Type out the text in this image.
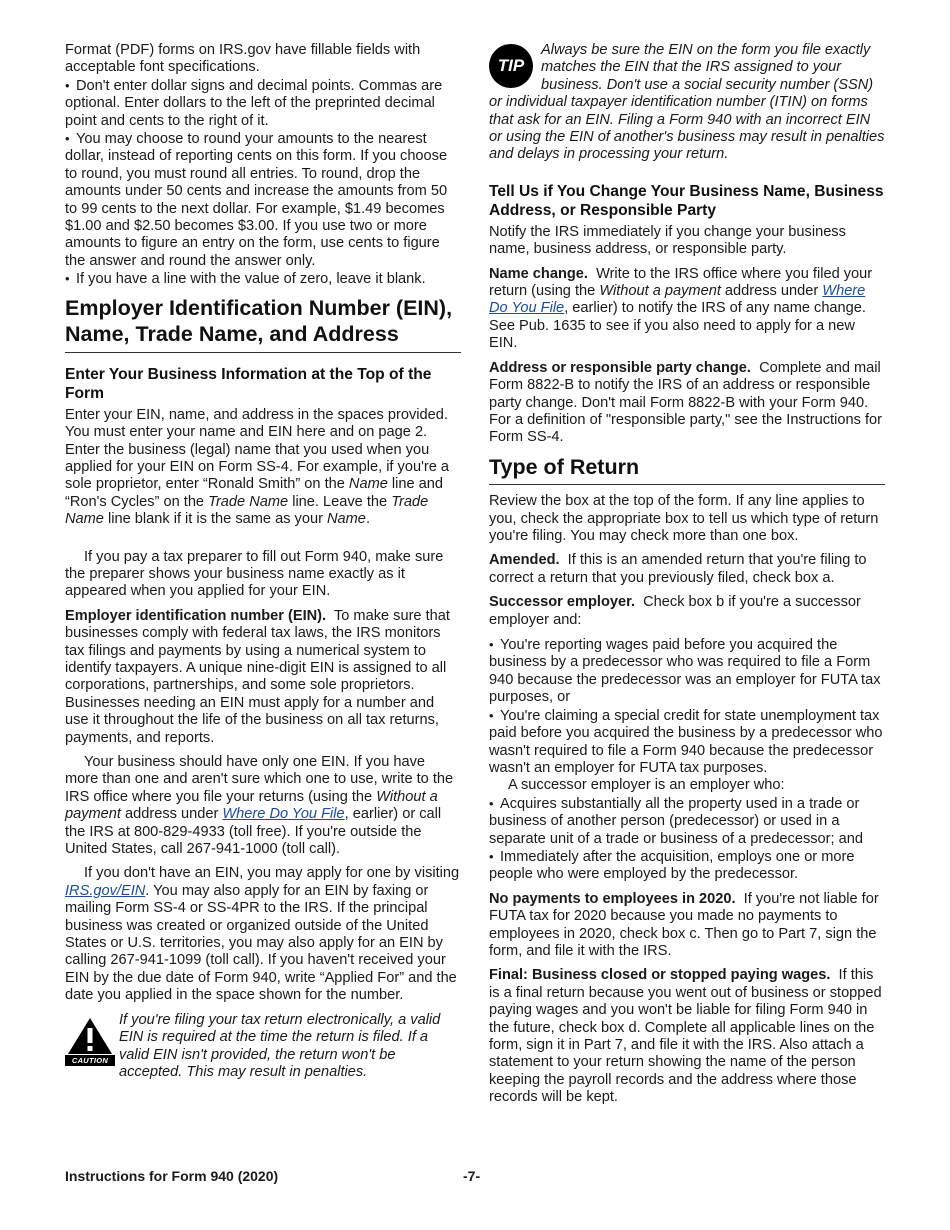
Format (PDF) forms on IRS.gov have fillable fields with acceptable font specifications.

• Don't enter dollar signs and decimal points. Commas are optional. Enter dollars to the left of the preprinted decimal point and cents to the right of it.

• You may choose to round your amounts to the nearest dollar, instead of reporting cents on this form. If you choose to round, you must round all entries. To round, drop the amounts under 50 cents and increase the amounts from 50 to 99 cents to the next dollar. For example, $1.49 becomes $1.00 and $2.50 becomes $3.00. If you use two or more amounts to figure an entry on the form, use cents to figure the answer and round the answer only.

• If you have a line with the value of zero, leave it blank.

Employer Identification Number (EIN), Name, Trade Name, and Address
Enter Your Business Information at the Top of the Form

Enter your EIN, name, and address in the spaces provided. You must enter your name and EIN here and on page 2. Enter the business (legal) name that you used when you applied for your EIN on Form SS-4. For example, if you're a sole proprietor, enter “Ronald Smith” on the Name line and “Ron's Cycles” on the Trade Name line. Leave the Trade Name line blank if it is the same as your Name.

If you pay a tax preparer to fill out Form 940, make sure the preparer shows your business name exactly as it appeared when you applied for your EIN.

Employer identification number (EIN). To make sure that businesses comply with federal tax laws, the IRS monitors tax filings and payments by using a numerical system to identify taxpayers. A unique nine-digit EIN is assigned to all corporations, partnerships, and some sole proprietors. Businesses needing an EIN must apply for a number and use it throughout the life of the business on all tax returns, payments, and reports.

Your business should have only one EIN. If you have more than one and aren't sure which one to use, write to the IRS office where you file your returns (using the Without a payment address under Where Do You File, earlier) or call the IRS at 800-829-4933 (toll free). If you're outside the United States, call 267-941-1000 (toll call).

If you don't have an EIN, you may apply for one by visiting IRS.gov/EIN. You may also apply for an EIN by faxing or mailing Form SS-4 or SS-4PR to the IRS. If the principal business was created or organized outside of the United States or U.S. territories, you may also apply for an EIN by calling 267-941-1099 (toll call). If you haven't received your EIN by the due date of Form 940, write “Applied For” and the date you applied in the space shown for the number.

CAUTION
If you're filing your tax return electronically, a valid EIN is required at the time the return is filed. If a valid EIN isn't provided, the return won't be accepted. This may result in penalties.
TIP
Always be sure the EIN on the form you file exactly matches the EIN that the IRS assigned to your business. Don't use a social security number (SSN) or individual taxpayer identification number (ITIN) on forms that ask for an EIN. Filing a Form 940 with an incorrect EIN or using the EIN of another's business may result in penalties and delays in processing your return.
Tell Us if You Change Your Business Name, Business Address, or Responsible Party

Notify the IRS immediately if you change your business name, business address, or responsible party.

Name change. Write to the IRS office where you filed your return (using the Without a payment address under Where Do You File, earlier) to notify the IRS of any name change. See Pub. 1635 to see if you also need to apply for a new EIN.

Address or responsible party change. Complete and mail Form 8822-B to notify the IRS of an address or responsible party change. Don't mail Form 8822-B with your Form 940. For a definition of "responsible party," see the Instructions for Form SS-4.

Type of Return

Review the box at the top of the form. If any line applies to you, check the appropriate box to tell us which type of return you're filing. You may check more than one box.

Amended. If this is an amended return that you're filing to correct a return that you previously filed, check box a.

Successor employer. Check box b if you're a successor employer and:

• You're reporting wages paid before you acquired the business by a predecessor who was required to file a Form 940 because the predecessor was an employer for FUTA tax purposes, or

• You're claiming a special credit for state unemployment tax paid before you acquired the business by a predecessor who wasn't required to file a Form 940 because the predecessor wasn't an employer for FUTA tax purposes.

A successor employer is an employer who:

• Acquires substantially all the property used in a trade or business of another person (predecessor) or used in a separate unit of a trade or business of a predecessor; and

• Immediately after the acquisition, employs one or more people who were employed by the predecessor.

No payments to employees in 2020. If you're not liable for FUTA tax for 2020 because you made no payments to employees in 2020, check box c. Then go to Part 7, sign the form, and file it with the IRS.

Final: Business closed or stopped paying wages. If this is a final return because you went out of business or stopped paying wages and you won't be liable for filing Form 940 in the future, check box d. Complete all applicable lines on the form, sign it in Part 7, and file it with the IRS. Also attach a statement to your return showing the name of the person keeping the payroll records and the address where those records will be kept.

Instructions for Form 940 (2020)	-7-
